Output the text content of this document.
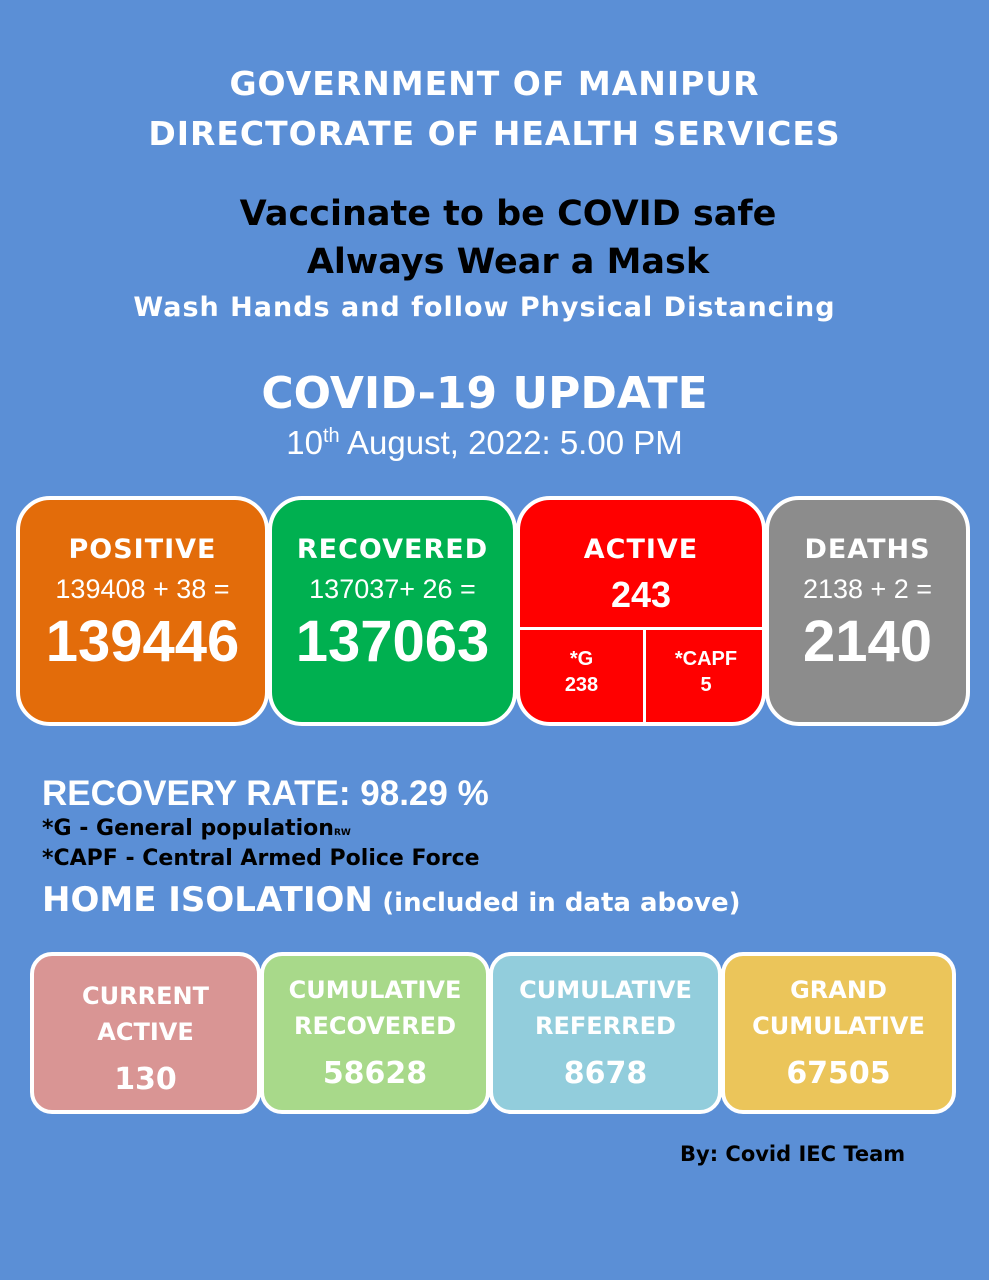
GOVERNMENT OF MANIPUR
DIRECTORATE OF HEALTH SERVICES
Vaccinate to be COVID safe
Always Wear a Mask
Wash Hands and follow Physical Distancing
COVID-19 UPDATE
10th August, 2022: 5.00 PM
POSITIVE
139408 + 38 =
139446
RECOVERED
137037+ 26 =
137063
ACTIVE
243
*G
238
*CAPF
5
DEATHS
2138 + 2 =
2140
RECOVERY RATE: 98.29 %
*G - General populationRW
*CAPF - Central Armed Police Force
HOME ISOLATION (included in data above)
CURRENT
ACTIVE
130
CUMULATIVE
RECOVERED
58628
CUMULATIVE
REFERRED
8678
GRAND
CUMULATIVE
67505
By: Covid IEC Team
